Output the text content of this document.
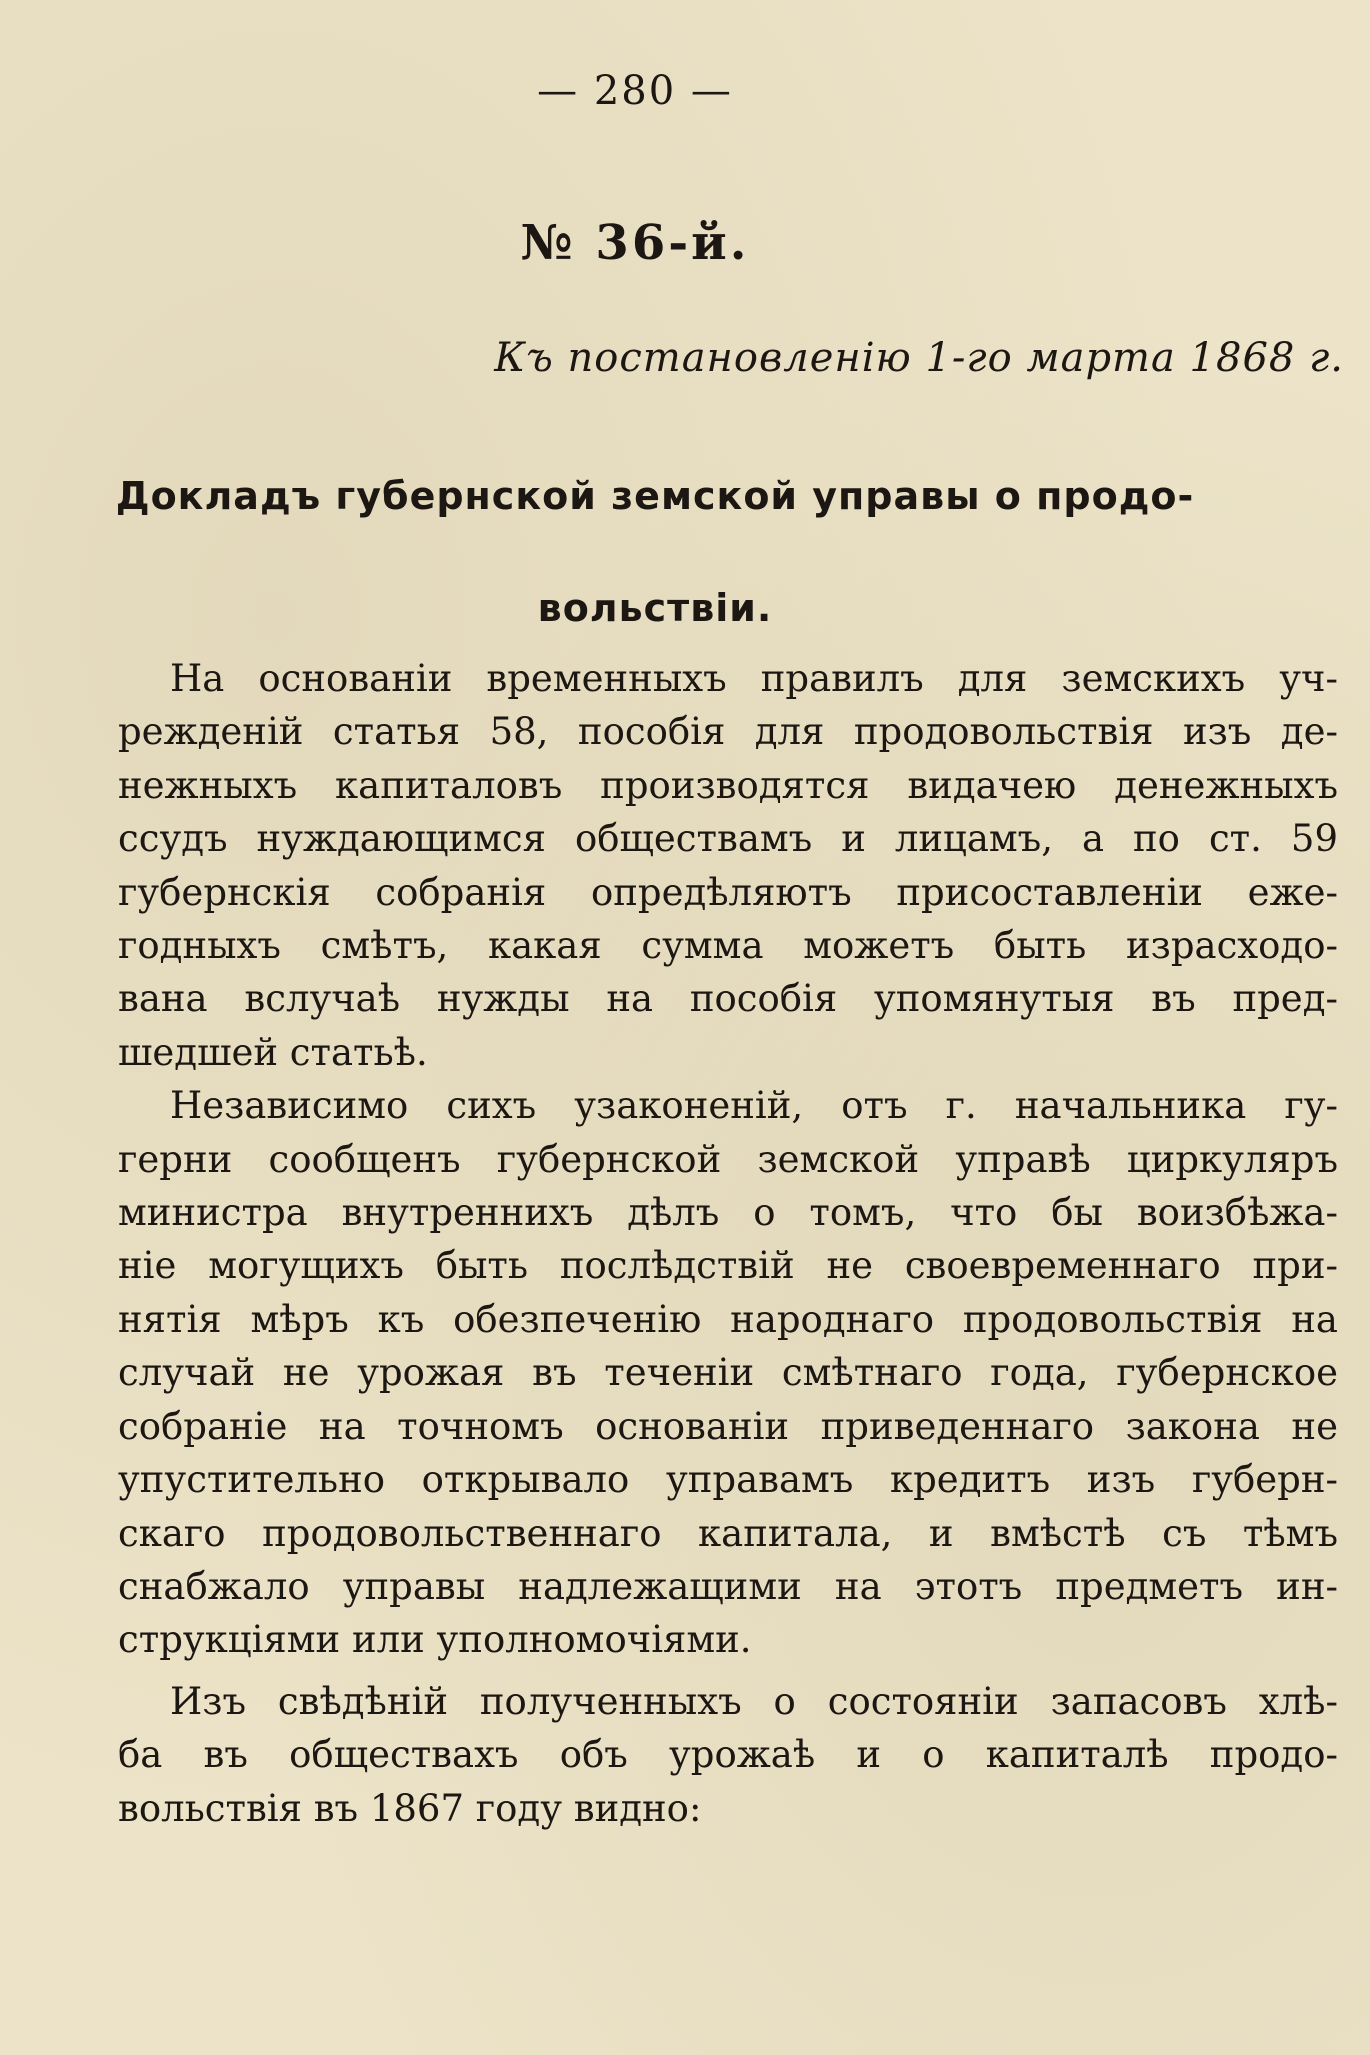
— 280 —
№ 36-й.
Къ постановленiю 1-го марта 1868 г.
Докладъ губернской земской управы о продо-
вольствiи.

На основанiи временныхъ правилъ для земскихъ уч-
режденiй статья 58, пособiя для продовольствiя изъ де-
нежныхъ капиталовъ производятся видачею денежныхъ
ссудъ нуждающимся обществамъ и лицамъ, а по ст. 59
губернскiя собранiя опредѣляютъ присоставленiи еже-
годныхъ смѣтъ, какая сумма можетъ быть израсходо-
вана вслучаѣ нужды на пособiя упомянутыя въ пред-
шедшей статьѣ.

Независимо сихъ узаконенiй, отъ г. начальника гу-
герни сообщенъ губернской земской управѣ циркуляръ
министра внутреннихъ дѣлъ о томъ, что бы воизбѣжа-
нiе могущихъ быть послѣдствiй не своевременнаго при-
нятiя мѣръ къ обезпеченiю народнаго продовольствiя на
случай не урожая въ теченiи смѣтнаго года, губернское
собранiе на точномъ основанiи приведеннаго закона не
упустительно открывало управамъ кредитъ изъ губерн-
скаго продовольственнаго капитала, и вмѣстѣ съ тѣмъ
снабжало управы надлежащими на этотъ предметъ ин-
струкцiями или уполномочiями.

Изъ свѣдѣнiй полученныхъ о состоянiи запасовъ хлѣ-
ба въ обществахъ объ урожаѣ и о капиталѣ продо-
вольствiя въ 1867 году видно:
